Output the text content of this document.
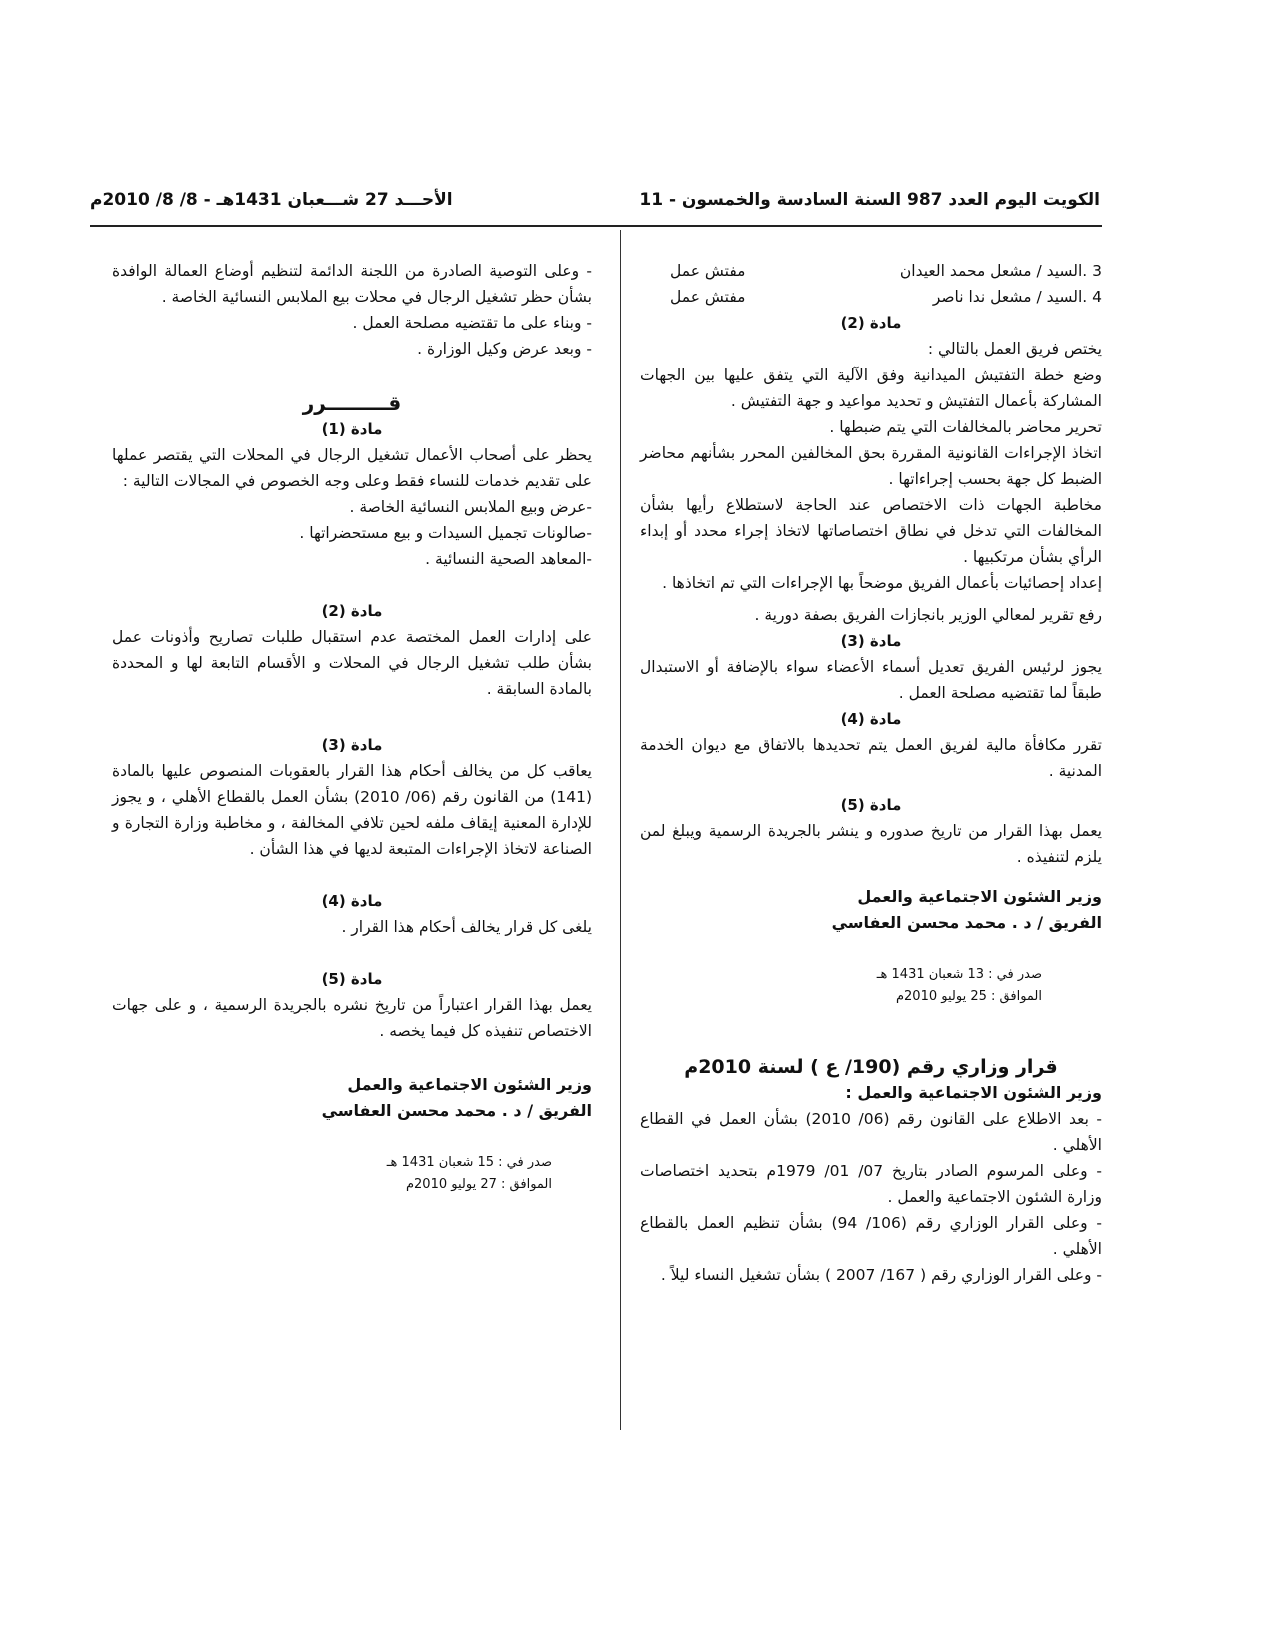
الكويت اليوم العدد 987 السنة السادسة والخمسون - 11
الأحـــد 27 شـــعبان 1431هـ - 8/ 8/ 2010م
3 .السيد / مشعل محمد العيدان
مفتش عمل
4 .السيد / مشعل ندا ناصر
مفتش عمل
مادة (2)

يختص فريق العمل بالتالي :

وضع خطة التفتيش الميدانية وفق الآلية التي يتفق عليها بين الجهات المشاركة بأعمال التفتيش و تحديد مواعيد و جهة التفتيش .

تحرير محاضر بالمخالفات التي يتم ضبطها .

اتخاذ الإجراءات القانونية المقررة بحق المخالفين المحرر بشأنهم محاضر الضبط كل جهة بحسب إجراءاتها .

مخاطبة الجهات ذات الاختصاص عند الحاجة لاستطلاع رأيها بشأن المخالفات التي تدخل في نطاق اختصاصاتها لاتخاذ إجراء محدد أو إبداء الرأي بشأن مرتكبيها .

إعداد إحصائيات بأعمال الفريق موضحاً بها الإجراءات التي تم اتخاذها .

رفع تقرير لمعالي الوزير بانجازات الفريق بصفة دورية .

مادة (3)

يجوز لرئيس الفريق تعديل أسماء الأعضاء سواء بالإضافة أو الاستبدال طبقاً لما تقتضيه مصلحة العمل .

مادة (4)

تقرر مكافأة مالية لفريق العمل يتم تحديدها بالاتفاق مع ديوان الخدمة المدنية .

مادة (5)

يعمل بهذا القرار من تاريخ صدوره و ينشر بالجريدة الرسمية ويبلغ لمن يلزم لتنفيذه .

وزير الشئون الاجتماعية والعمل

الفريق / د . محمد محسن العفاسي

صدر في : 13 شعبان 1431 هـ
الموافق : 25 يوليو 2010م

قرار وزاري رقم (190/ ع ) لسنة 2010م

وزير الشئون الاجتماعية والعمل :

- بعد الاطلاع على القانون رقم (06/ 2010) بشأن العمل في القطاع الأهلي .

- وعلى المرسوم الصادر بتاريخ 07/ 01/ 1979م بتحديد اختصاصات وزارة الشئون الاجتماعية والعمل .

- وعلى القرار الوزاري رقم (106/ 94) بشأن تنظيم العمل بالقطاع الأهلي .

- وعلى القرار الوزاري رقم ( 167/ 2007 ) بشأن تشغيل النساء ليلاً .

- وعلى التوصية الصادرة من اللجنة الدائمة لتنظيم أوضاع العمالة الوافدة بشأن حظر تشغيل الرجال في محلات بيع الملابس النسائية الخاصة .

- وبناء على ما تقتضيه مصلحة العمل .

- وبعد عرض وكيل الوزارة .

قـــــــــرر

مادة (1)

يحظر على أصحاب الأعمال تشغيل الرجال في المحلات التي يقتصر عملها على تقديم خدمات للنساء فقط وعلى وجه الخصوص في المجالات التالية :

-عرض وبيع الملابس النسائية الخاصة .

-صالونات تجميل السيدات و بيع مستحضراتها .

-المعاهد الصحية النسائية .

مادة (2)

على إدارات العمل المختصة عدم استقبال طلبات تصاريح وأذونات عمل بشأن طلب تشغيل الرجال في المحلات و الأقسام التابعة لها و المحددة بالمادة السابقة .

مادة (3)

يعاقب كل من يخالف أحكام هذا القرار بالعقوبات المنصوص عليها بالمادة (141) من القانون رقم (06/ 2010) بشأن العمل بالقطاع الأهلي ، و يجوز للإدارة المعنية إيقاف ملفه لحين تلافي المخالفة ، و مخاطبة وزارة التجارة و الصناعة لاتخاذ الإجراءات المتبعة لديها في هذا الشأن .

مادة (4)

يلغى كل قرار يخالف أحكام هذا القرار .

مادة (5)

يعمل بهذا القرار اعتباراً من تاريخ نشره بالجريدة الرسمية ، و على جهات الاختصاص تنفيذه كل فيما يخصه .

وزير الشئون الاجتماعية والعمل

الفريق / د . محمد محسن العفاسي

صدر في : 15 شعبان 1431 هـ
الموافق : 27 يوليو 2010م
